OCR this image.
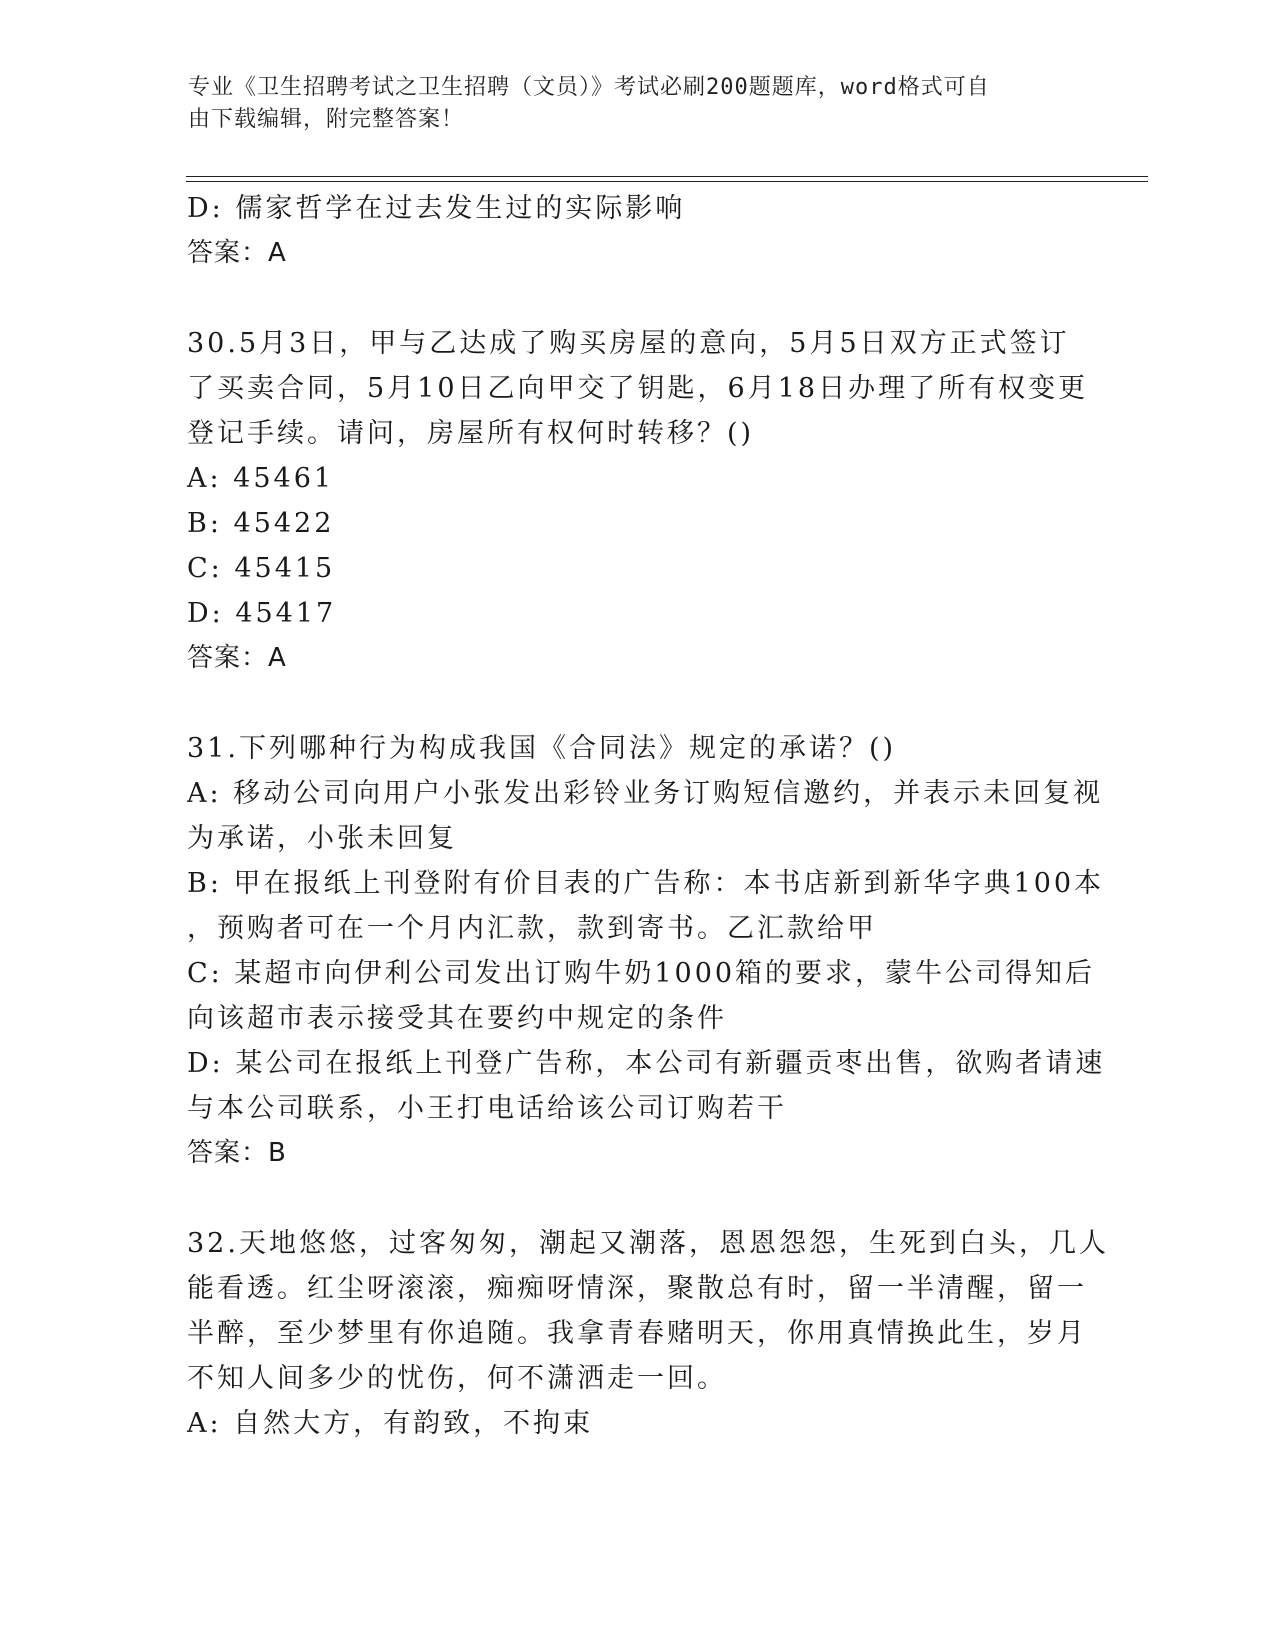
专业《卫生招聘考试之卫生招聘（文员）》考试必刷200题题库，word格式可自
由下载编辑，附完整答案！
D: 儒家哲学在过去发生过的实际影响
答案：A
30.5月3日，甲与乙达成了购买房屋的意向，5月5日双方正式签订
了买卖合同，5月10日乙向甲交了钥匙，6月18日办理了所有权变更
登记手续。请问，房屋所有权何时转移？()
A: 45461
B: 45422
C: 45415
D: 45417
答案：A
31.下列哪种行为构成我国《合同法》规定的承诺？()
A: 移动公司向用户小张发出彩铃业务订购短信邀约，并表示未回复视
为承诺，小张未回复
B: 甲在报纸上刊登附有价目表的广告称：本书店新到新华字典100本
，预购者可在一个月内汇款，款到寄书。乙汇款给甲
C: 某超市向伊利公司发出订购牛奶1000箱的要求，蒙牛公司得知后
向该超市表示接受其在要约中规定的条件
D: 某公司在报纸上刊登广告称，本公司有新疆贡枣出售，欲购者请速
与本公司联系，小王打电话给该公司订购若干
答案：B
32.天地悠悠，过客匆匆，潮起又潮落，恩恩怨怨，生死到白头，几人
能看透。红尘呀滚滚，痴痴呀情深，聚散总有时，留一半清醒，留一
半醉，至少梦里有你追随。我拿青春赌明天，你用真情换此生，岁月
不知人间多少的忧伤，何不潇洒走一回。
A: 自然大方，有韵致，不拘束
